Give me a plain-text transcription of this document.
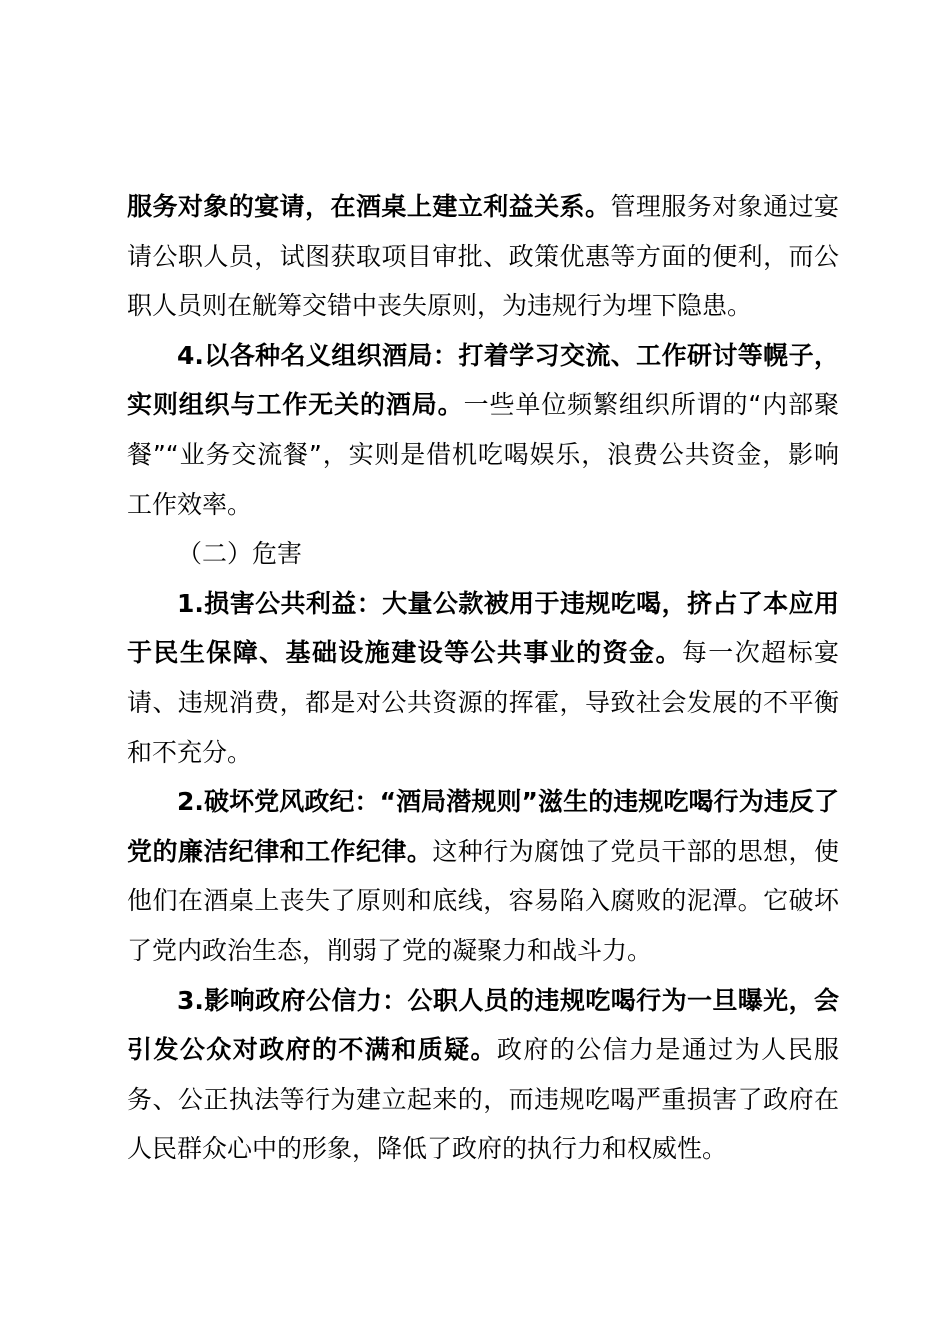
服务对象的宴请，在酒桌上建立利益关系。管理服务对象通过宴请公职人员，试图获取项目审批、政策优惠等方面的便利，而公职人员则在觥筹交错中丧失原则，为违规行为埋下隐患。

4.以各种名义组织酒局：打着学习交流、工作研讨等幌子，实则组织与工作无关的酒局。一些单位频繁组织所谓的“内部聚餐”“业务交流餐”，实则是借机吃喝娱乐，浪费公共资金，影响工作效率。

（二）危害

1.损害公共利益：大量公款被用于违规吃喝，挤占了本应用于民生保障、基础设施建设等公共事业的资金。每一次超标宴请、违规消费，都是对公共资源的挥霍，导致社会发展的不平衡和不充分。

2.破坏党风政纪：“酒局潜规则”滋生的违规吃喝行为违反了党的廉洁纪律和工作纪律。这种行为腐蚀了党员干部的思想，使他们在酒桌上丧失了原则和底线，容易陷入腐败的泥潭。它破坏了党内政治生态，削弱了党的凝聚力和战斗力。

3.影响政府公信力：公职人员的违规吃喝行为一旦曝光，会引发公众对政府的不满和质疑。政府的公信力是通过为人民服务、公正执法等行为建立起来的，而违规吃喝严重损害了政府在人民群众心中的形象，降低了政府的执行力和权威性。
